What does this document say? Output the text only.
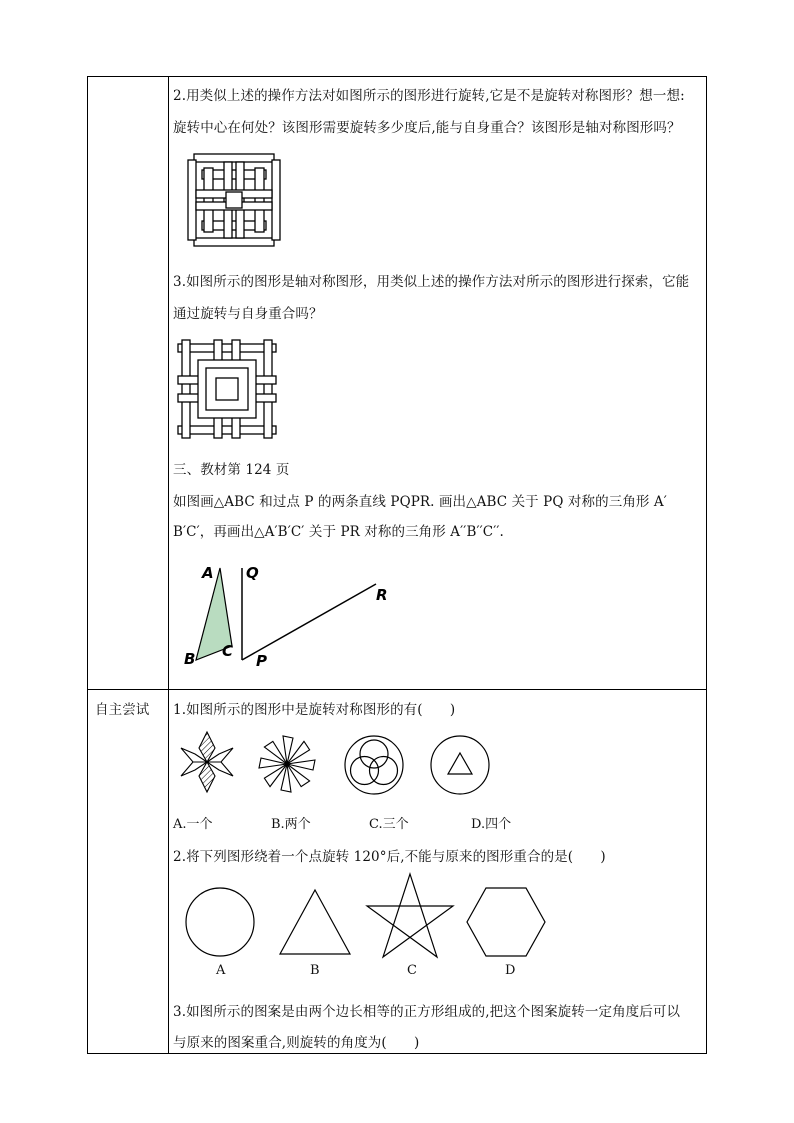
2.用类似上述的操作方法对如图所示的图形进行旋转,它是不是旋转对称图形？想一想:
旋转中心在何处？该图形需要旋转多少度后,能与自身重合？该图形是轴对称图形吗？
3.如图所示的图形是轴对称图形，用类似上述的操作方法对所示的图形进行探索，它能
通过旋转与自身重合吗？
三、教材第 124 页
如图画△ABC 和过点 P 的两条直线 PQPR. 画出△ABC 关于 PQ 对称的三角形 A′
B′C′，再画出△A′B′C′ 关于 PR 对称的三角形 A′′B′′C′′.
A
B C
Q
P
R
自主尝试 1.如图所示的图形中是旋转对称图形的有(　　)
A.一个	B.两个	C.三个	D.四个
2.将下列图形绕着一个点旋转 120°后,不能与原来的图形重合的是(　　)
A	B	C	D
3.如图所示的图案是由两个边长相等的正方形组成的,把这个图案旋转一定角度后可以
与原来的图案重合,则旋转的角度为(　　)
